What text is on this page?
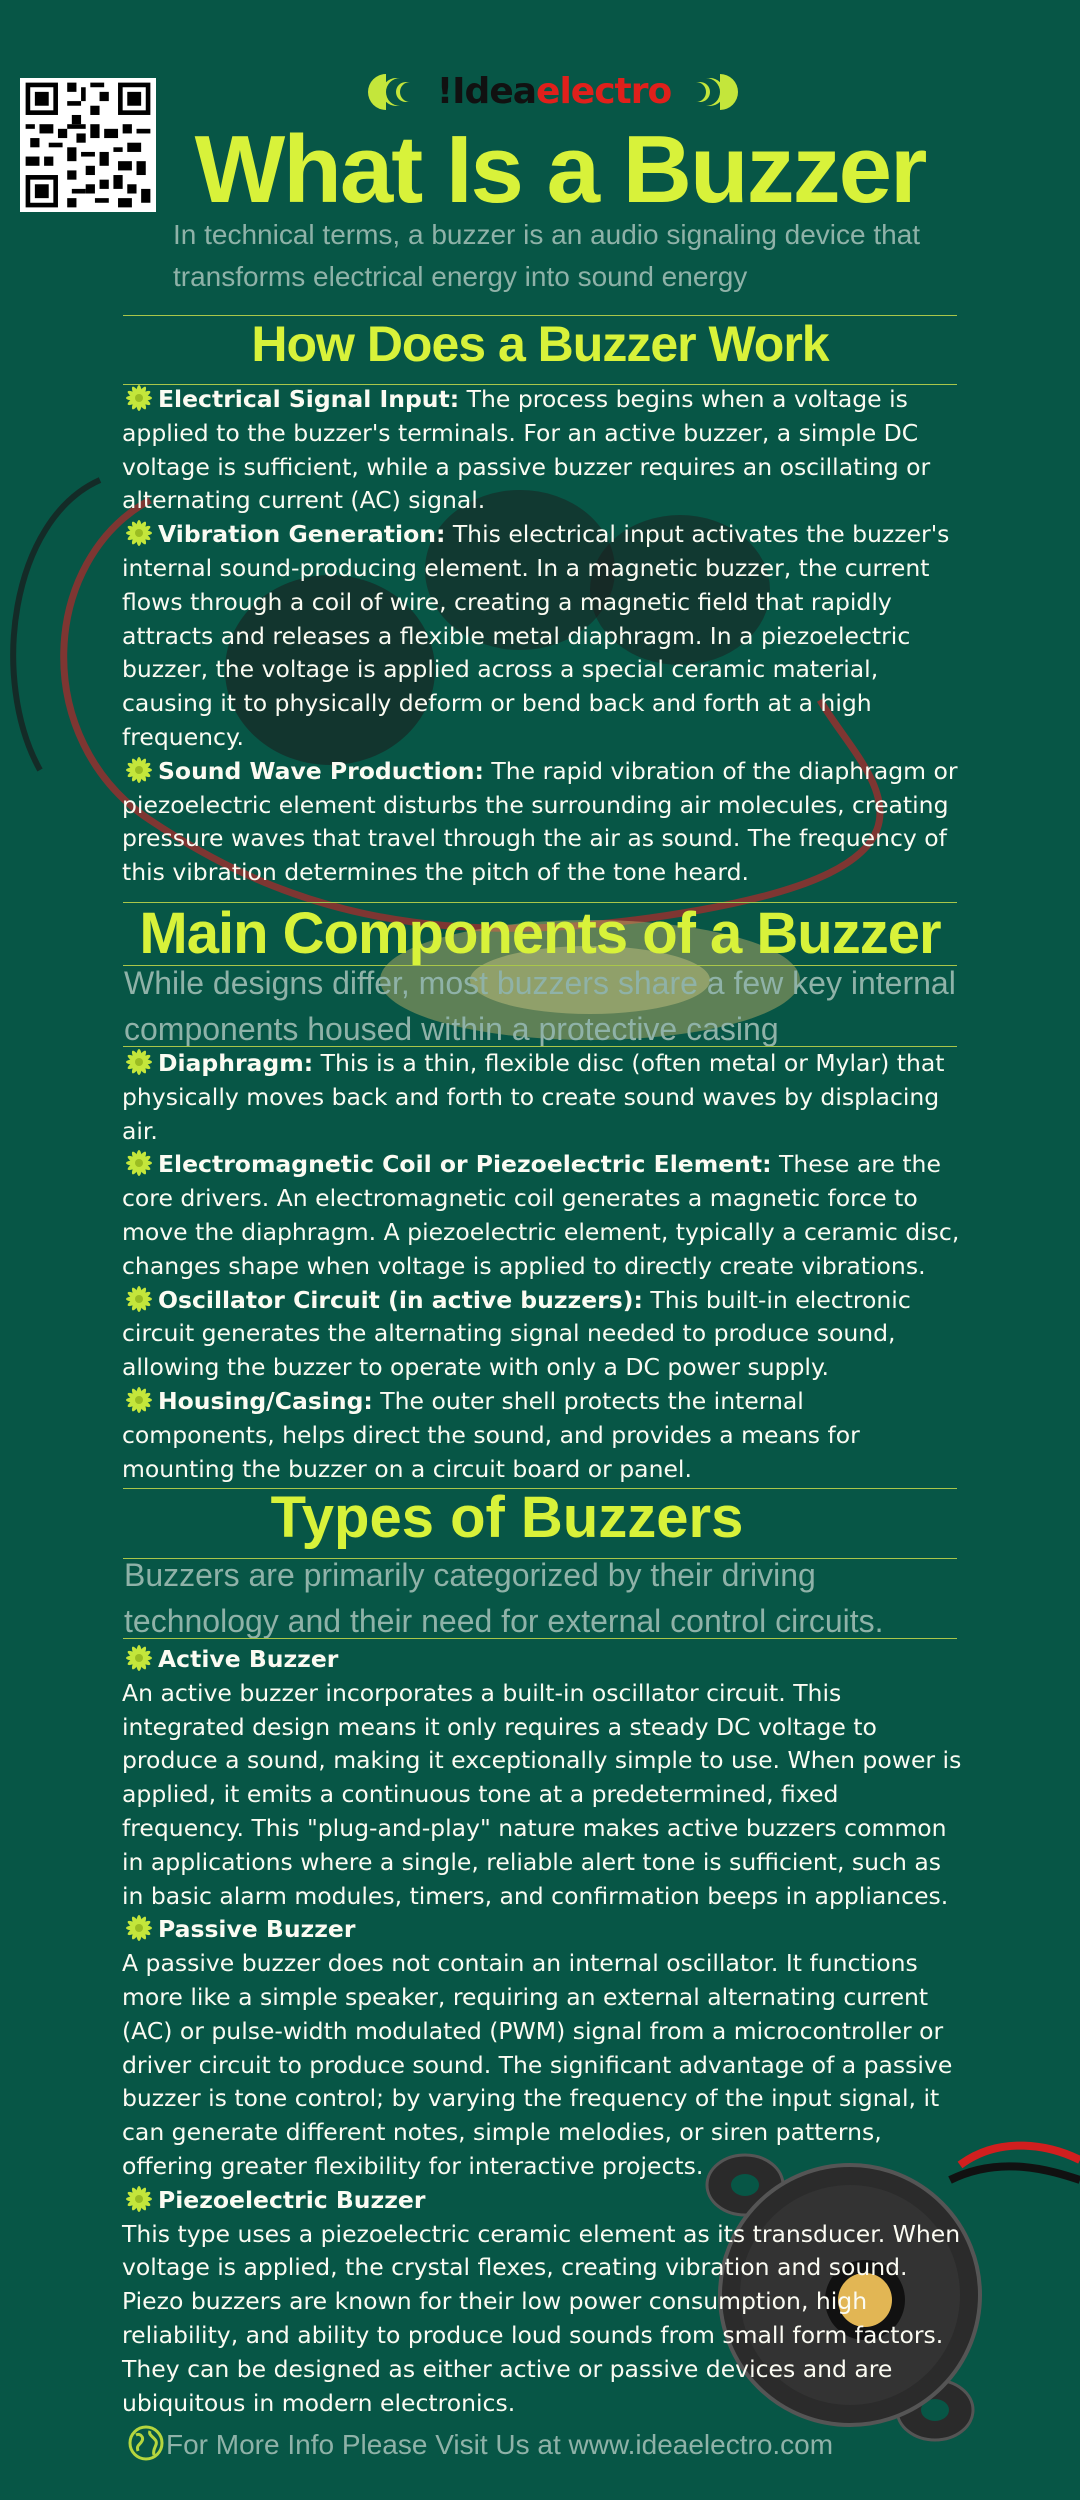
!Ideaelectro
What Is a Buzzer
In technical terms, a buzzer is an audio signaling device that transforms electrical energy into sound energy
How Does a Buzzer Work

Electrical Signal Input: The process begins when a voltage is applied to the buzzer's terminals. For an active buzzer, a simple DC voltage is sufficient, while a passive buzzer requires an oscillating or alternating current (AC) signal.

Vibration Generation: This electrical input activates the buzzer's internal sound-producing element. In a magnetic buzzer, the current flows through a coil of wire, creating a magnetic field that rapidly attracts and releases a flexible metal diaphragm. In a piezoelectric buzzer, the voltage is applied across a special ceramic material, causing it to physically deform or bend back and forth at a high frequency.

Sound Wave Production: The rapid vibration of the diaphragm or piezoelectric element disturbs the surrounding air molecules, creating pressure waves that travel through the air as sound. The frequency of this vibration determines the pitch of the tone heard.

Main Components of a Buzzer
While designs differ, most buzzers share a few key internal components housed within a protective casing

Diaphragm: This is a thin, flexible disc (often metal or Mylar) that physically moves back and forth to create sound waves by displacing air.

Electromagnetic Coil or Piezoelectric Element: These are the core drivers. An electromagnetic coil generates a magnetic force to move the diaphragm. A piezoelectric element, typically a ceramic disc, changes shape when voltage is applied to directly create vibrations.

Oscillator Circuit (in active buzzers): This built-in electronic circuit generates the alternating signal needed to produce sound, allowing the buzzer to operate with only a DC power supply.

Housing/Casing: The outer shell protects the internal components, helps direct the sound, and provides a means for mounting the buzzer on a circuit board or panel.

Types of Buzzers
Buzzers are primarily categorized by their driving technology and their need for external control circuits.

Active Buzzer

An active buzzer incorporates a built-in oscillator circuit. This integrated design means it only requires a steady DC voltage to produce a sound, making it exceptionally simple to use. When power is applied, it emits a continuous tone at a predetermined, fixed frequency. This "plug-and-play" nature makes active buzzers common in applications where a single, reliable alert tone is sufficient, such as in basic alarm modules, timers, and confirmation beeps in appliances.

Passive Buzzer

A passive buzzer does not contain an internal oscillator. It functions more like a simple speaker, requiring an external alternating current (AC) or pulse-width modulated (PWM) signal from a microcontroller or driver circuit to produce sound. The significant advantage of a passive buzzer is tone control; by varying the frequency of the input signal, it can generate different notes, simple melodies, or siren patterns, offering greater flexibility for interactive projects.

Piezoelectric Buzzer

This type uses a piezoelectric ceramic element as its transducer. When voltage is applied, the crystal flexes, creating vibration and sound. Piezo buzzers are known for their low power consumption, high reliability, and ability to produce loud sounds from small form factors. They can be designed as either active or passive devices and are ubiquitous in modern electronics.

For More Info Please Visit Us at www.ideaelectro.com
